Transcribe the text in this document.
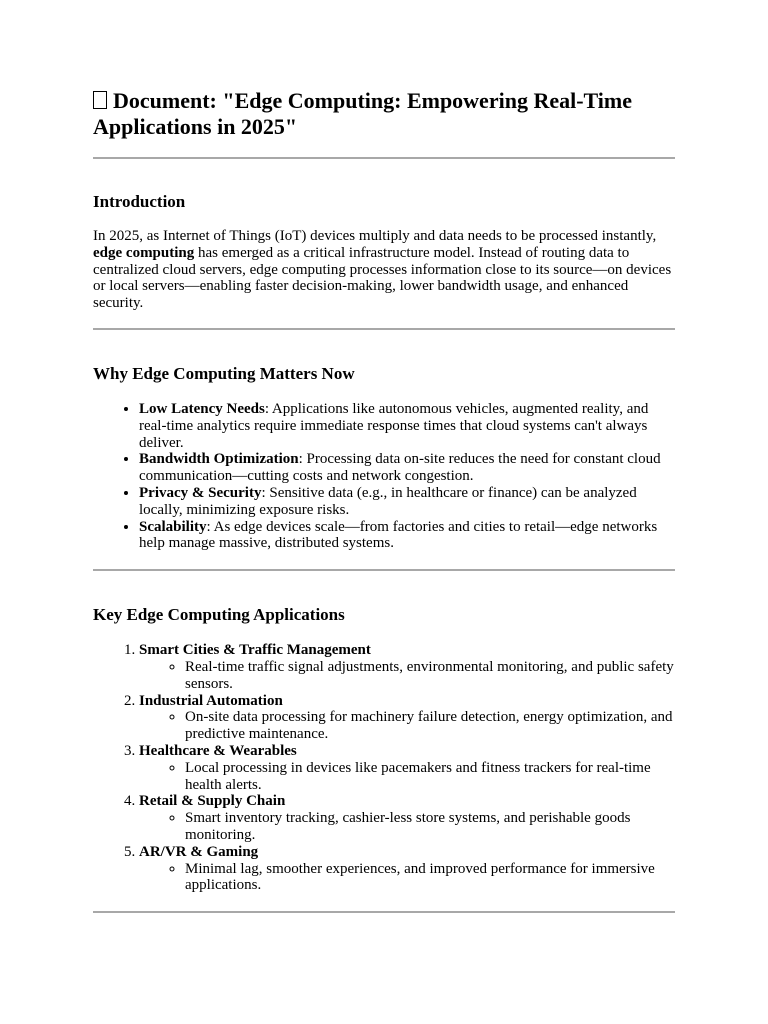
Document: "Edge Computing: Empowering Real-Time Applications in 2025"
Introduction

In 2025, as Internet of Things (IoT) devices multiply and data needs to be processed instantly, edge computing has emerged as a critical infrastructure model. Instead of routing data to centralized cloud servers, edge computing processes information close to its source—on devices or local servers—enabling faster decision-making, lower bandwidth usage, and enhanced security.

Why Edge Computing Matters Now
• Low Latency Needs: Applications like autonomous vehicles, augmented reality, and real-time analytics require immediate response times that cloud systems can't always deliver.
• Bandwidth Optimization: Processing data on-site reduces the need for constant cloud communication—cutting costs and network congestion.
• Privacy & Security: Sensitive data (e.g., in healthcare or finance) can be analyzed locally, minimizing exposure risks.
• Scalability: As edge devices scale—from factories and cities to retail—edge networks help manage massive, distributed systems.
Key Edge Computing Applications
1. Smart Cities & Traffic Management
◦ Real-time traffic signal adjustments, environmental monitoring, and public safety sensors.
2. Industrial Automation
◦ On-site data processing for machinery failure detection, energy optimization, and predictive maintenance.
3. Healthcare & Wearables
◦ Local processing in devices like pacemakers and fitness trackers for real-time health alerts.
4. Retail & Supply Chain
◦ Smart inventory tracking, cashier-less store systems, and perishable goods monitoring.
5. AR/VR & Gaming
◦ Minimal lag, smoother experiences, and improved performance for immersive applications.
